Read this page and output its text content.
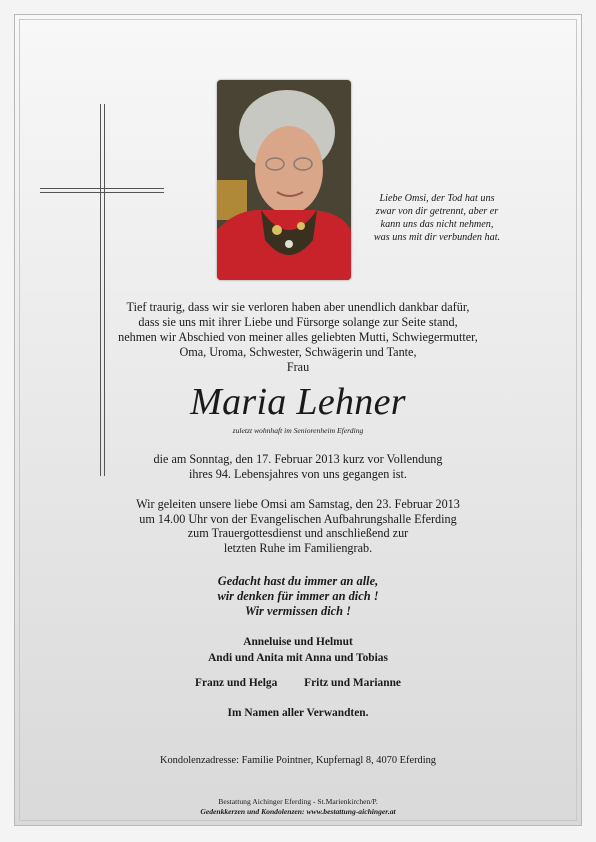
Liebe Omsi, der Tod hat uns
zwar von dir getrennt, aber er
kann uns das nicht nehmen,
was uns mit dir verbunden hat.
Tief traurig, dass wir sie verloren haben aber unendlich dankbar dafür,
dass sie uns mit ihrer Liebe und Fürsorge solange zur Seite stand,
nehmen wir Abschied von meiner alles geliebten Mutti, Schwiegermutter,
Oma, Uroma, Schwester, Schwägerin und Tante,
Frau
Maria Lehner
zuletzt wohnhaft im Seniorenheim Eferding
die am Sonntag, den 17. Februar 2013 kurz vor Vollendung
ihres 94. Lebensjahres von uns gegangen ist.
Wir geleiten unsere liebe Omsi am Samstag, den 23. Februar 2013
um 14.00 Uhr von der Evangelischen Aufbahrungshalle Eferding
zum Trauergottesdienst und anschließend zur
letzten Ruhe im Familiengrab.
Gedacht hast du immer an alle,
wir denken für immer an dich !
Wir vermissen dich !
Anneluise und Helmut
Andi und Anita mit Anna und Tobias
Franz und Helga Fritz und Marianne
Im Namen aller Verwandten.
Kondolenzadresse: Familie Pointner, Kupfernagl 8, 4070 Eferding
Bestattung Aichinger Eferding - St.Marienkirchen/P.
Gedenkkerzen und Kondolenzen: www.bestattung-aichinger.at
